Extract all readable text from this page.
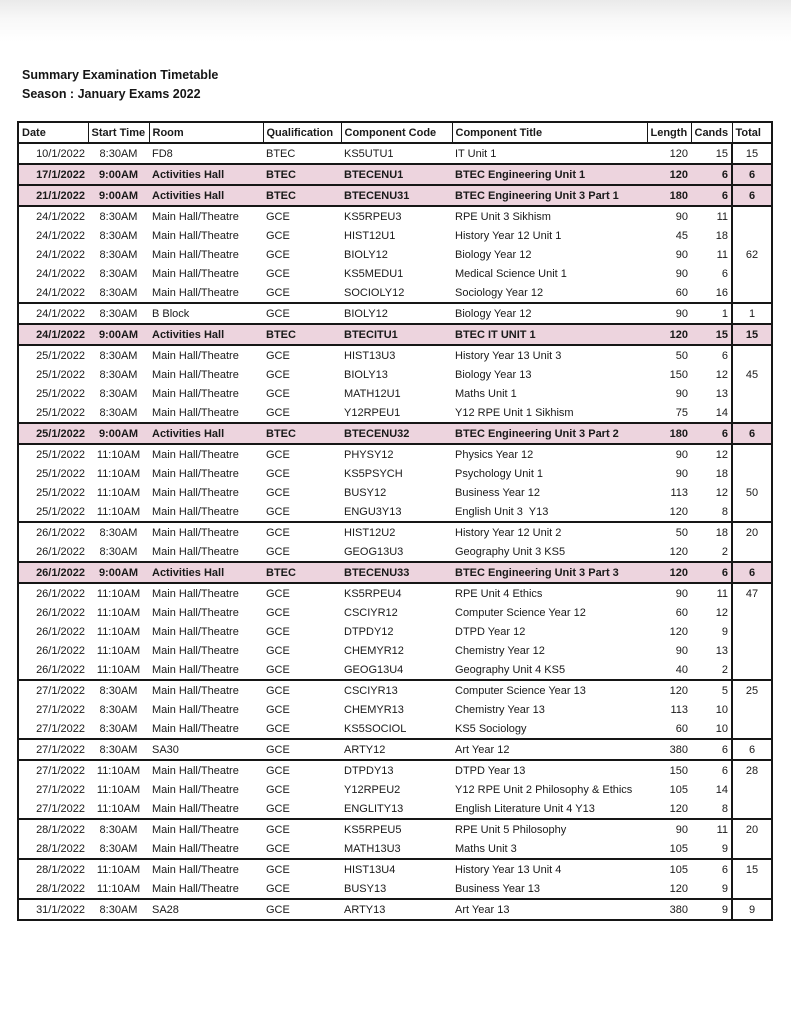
Summary Examination Timetable
Season : January Exams 2022
Date	Start Time	Room	Qualification	Component Code	Component Title	Length	Cands	Total
10/1/2022	8:30AM	FD8	BTEC	KS5UTU1	IT Unit 1	120	15	15
17/1/2022	9:00AM	Activities Hall	BTEC	BTECENU1	BTEC Engineering Unit 1	120	6	6
21/1/2022	9:00AM	Activities Hall	BTEC	BTECENU31	BTEC Engineering Unit 3 Part 1	180	6	6
24/1/2022	8:30AM	Main Hall/Theatre	GCE	KS5RPEU3	RPE Unit 3 Sikhism	90	11	
24/1/2022	8:30AM	Main Hall/Theatre	GCE	HIST12U1	History Year 12 Unit 1	45	18	
24/1/2022	8:30AM	Main Hall/Theatre	GCE	BIOLY12	Biology Year 12	90	11	62
24/1/2022	8:30AM	Main Hall/Theatre	GCE	KS5MEDU1	Medical Science Unit 1	90	6	
24/1/2022	8:30AM	Main Hall/Theatre	GCE	SOCIOLY12	Sociology Year 12	60	16	
24/1/2022	8:30AM	B Block	GCE	BIOLY12	Biology Year 12	90	1	1
24/1/2022	9:00AM	Activities Hall	BTEC	BTECITU1	BTEC IT UNIT 1	120	15	15
25/1/2022	8:30AM	Main Hall/Theatre	GCE	HIST13U3	History Year 13 Unit 3	50	6	
25/1/2022	8:30AM	Main Hall/Theatre	GCE	BIOLY13	Biology Year 13	150	12	45
25/1/2022	8:30AM	Main Hall/Theatre	GCE	MATH12U1	Maths Unit 1	90	13	
25/1/2022	8:30AM	Main Hall/Theatre	GCE	Y12RPEU1	Y12 RPE Unit 1 Sikhism	75	14	
25/1/2022	9:00AM	Activities Hall	BTEC	BTECENU32	BTEC Engineering Unit 3 Part 2	180	6	6
25/1/2022	11:10AM	Main Hall/Theatre	GCE	PHYSY12	Physics Year 12	90	12	
25/1/2022	11:10AM	Main Hall/Theatre	GCE	KS5PSYCH	Psychology Unit 1	90	18	
25/1/2022	11:10AM	Main Hall/Theatre	GCE	BUSY12	Business Year 12	113	12	50
25/1/2022	11:10AM	Main Hall/Theatre	GCE	ENGU3Y13	English Unit 3  Y13	120	8	
26/1/2022	8:30AM	Main Hall/Theatre	GCE	HIST12U2	History Year 12 Unit 2	50	18	20
26/1/2022	8:30AM	Main Hall/Theatre	GCE	GEOG13U3	Geography Unit 3 KS5	120	2	
26/1/2022	9:00AM	Activities Hall	BTEC	BTECENU33	BTEC Engineering Unit 3 Part 3	120	6	6
26/1/2022	11:10AM	Main Hall/Theatre	GCE	KS5RPEU4	RPE Unit 4 Ethics	90	11	47
26/1/2022	11:10AM	Main Hall/Theatre	GCE	CSCIYR12	Computer Science Year 12	60	12	
26/1/2022	11:10AM	Main Hall/Theatre	GCE	DTPDY12	DTPD Year 12	120	9	
26/1/2022	11:10AM	Main Hall/Theatre	GCE	CHEMYR12	Chemistry Year 12	90	13	
26/1/2022	11:10AM	Main Hall/Theatre	GCE	GEOG13U4	Geography Unit 4 KS5	40	2	
27/1/2022	8:30AM	Main Hall/Theatre	GCE	CSCIYR13	Computer Science Year 13	120	5	25
27/1/2022	8:30AM	Main Hall/Theatre	GCE	CHEMYR13	Chemistry Year 13	113	10	
27/1/2022	8:30AM	Main Hall/Theatre	GCE	KS5SOCIOL	KS5 Sociology	60	10	
27/1/2022	8:30AM	SA30	GCE	ARTY12	Art Year 12	380	6	6
27/1/2022	11:10AM	Main Hall/Theatre	GCE	DTPDY13	DTPD Year 13	150	6	28
27/1/2022	11:10AM	Main Hall/Theatre	GCE	Y12RPEU2	Y12 RPE Unit 2 Philosophy & Ethics	105	14	
27/1/2022	11:10AM	Main Hall/Theatre	GCE	ENGLITY13	English Literature Unit 4 Y13	120	8	
28/1/2022	8:30AM	Main Hall/Theatre	GCE	KS5RPEU5	RPE Unit 5 Philosophy	90	11	20
28/1/2022	8:30AM	Main Hall/Theatre	GCE	MATH13U3	Maths Unit 3	105	9	
28/1/2022	11:10AM	Main Hall/Theatre	GCE	HIST13U4	History Year 13 Unit 4	105	6	15
28/1/2022	11:10AM	Main Hall/Theatre	GCE	BUSY13	Business Year 13	120	9	
31/1/2022	8:30AM	SA28	GCE	ARTY13	Art Year 13	380	9	9
